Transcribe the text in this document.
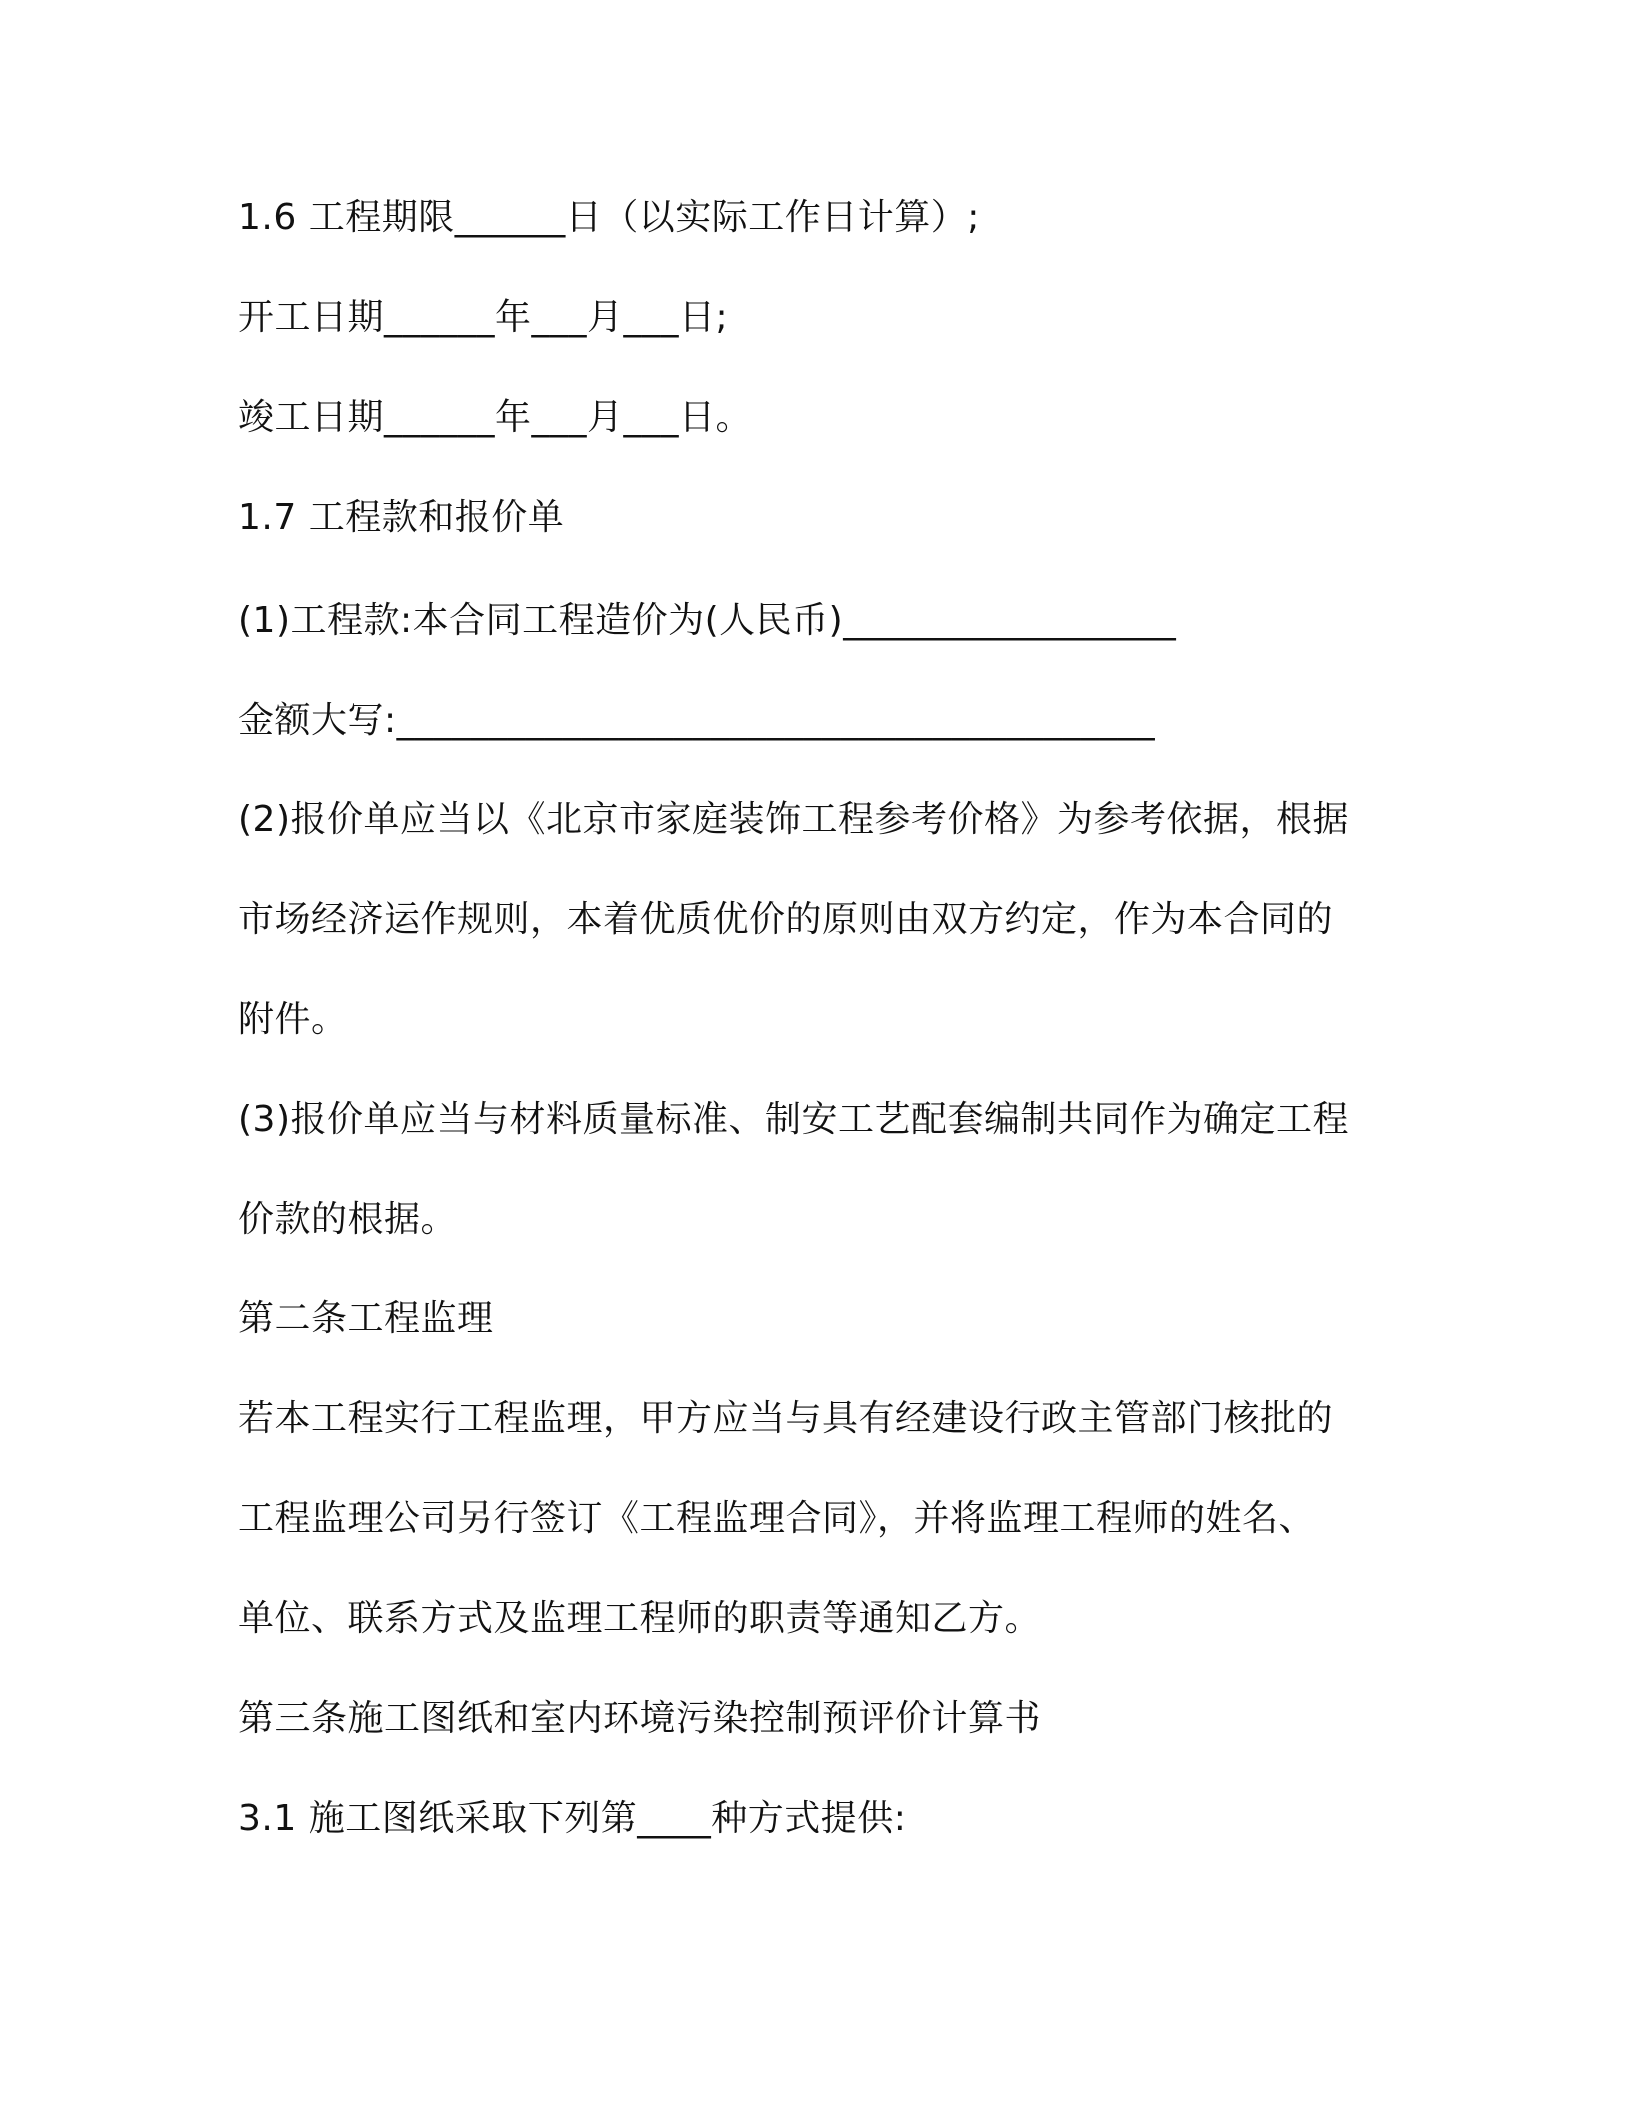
1.6 工程期限______日（以实际工作日计算）;

开工日期______年___月___日;

竣工日期______年___月___日。

1.7 工程款和报价单

(1)工程款:本合同工程造价为(人民币)__________________

金额大写:_________________________________________

(2)报价单应当以《北京市家庭装饰工程参考价格》为参考依据，根据

市场经济运作规则，本着优质优价的原则由双方约定，作为本合同的

附件。

(3)报价单应当与材料质量标准、制安工艺配套编制共同作为确定工程

价款的根据。

第二条工程监理

若本工程实行工程监理，甲方应当与具有经建设行政主管部门核批的

工程监理公司另行签订《工程监理合同》，并将监理工程师的姓名、

单位、联系方式及监理工程师的职责等通知乙方。

第三条施工图纸和室内环境污染控制预评价计算书

3.1 施工图纸采取下列第____种方式提供:
